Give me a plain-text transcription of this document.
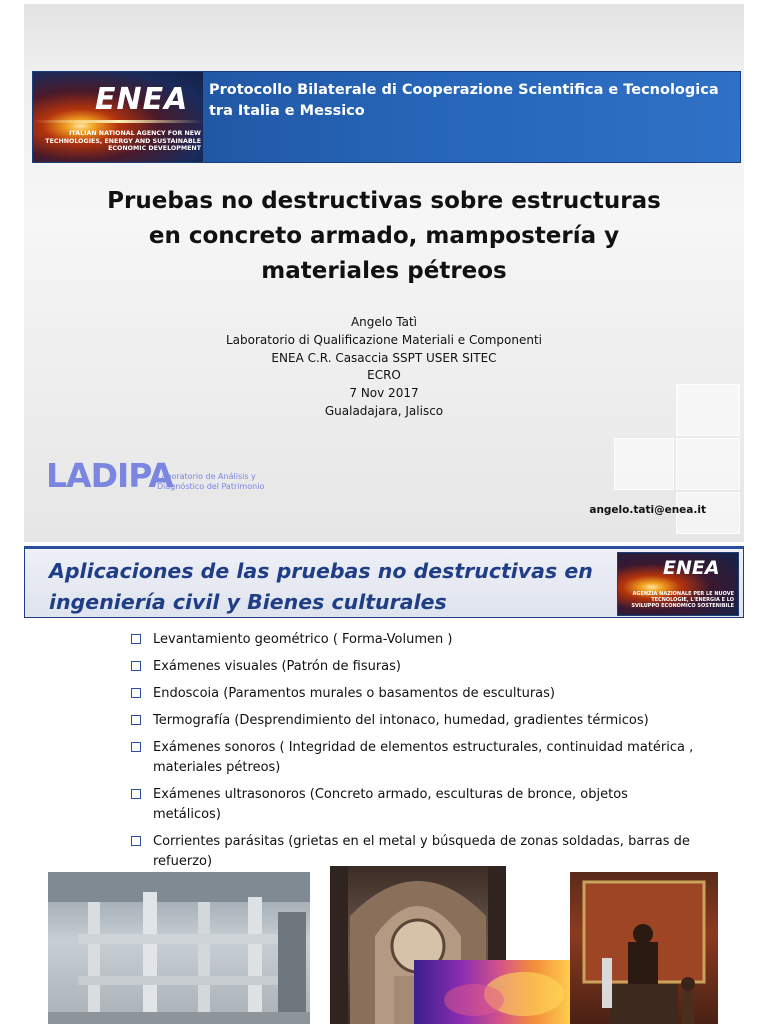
ENEA
ITALIAN NATIONAL AGENCY FOR NEW TECHNOLOGIES, ENERGY AND SUSTAINABLE ECONOMIC DEVELOPMENT
Protocollo Bilaterale di Cooperazione Scientifica e Tecnologica tra Italia e Messico
Pruebas no destructivas sobre estructuras
en concreto armado, mampostería y
materiales pétreos
Angelo Tatì
Laboratorio di Qualificazione Materiali e Componenti
ENEA C.R. Casaccia SSPT USER SITEC
ECRO
7 Nov 2017
Gualadajara, Jalisco
LADIPA
Laboratorio de Análisis y
Diagnóstico del Patrimonio
angelo.tati@enea.it
Aplicaciones de las pruebas no destructivas en
ingeniería civil y Bienes culturales
ENEA
AGENZIA NAZIONALE PER LE NUOVE TECNOLOGIE, L'ENERGIA E LO SVILUPPO ECONOMICO SOSTENIBILE
Levantamiento geométrico ( Forma-Volumen )
Exámenes visuales (Patrón de fisuras)
Endoscoia (Paramentos murales o basamentos de esculturas)
Termografía (Desprendimiento del intonaco, humedad, gradientes térmicos)
Exámenes sonoros ( Integridad de elementos estructurales, continuidad matérica , materiales pétreos)
Exámenes ultrasonoros (Concreto armado, esculturas de bronce, objetos metálicos)
Corrientes parásitas (grietas en el metal y búsqueda de zonas soldadas, barras de refuerzo)
